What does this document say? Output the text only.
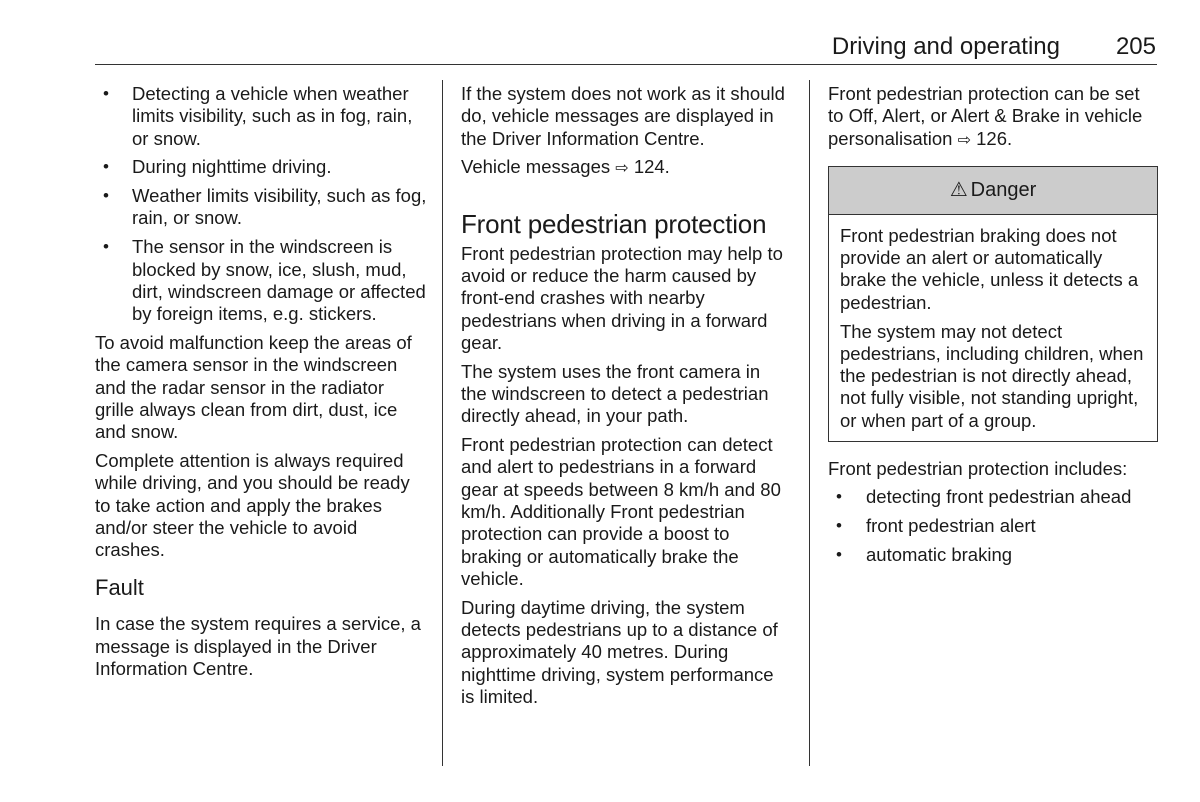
Driving and operating	205
• Detecting a vehicle when weather limits visibility, such as in fog, rain, or snow.
• During nighttime driving.
• Weather limits visibility, such as fog, rain, or snow.
• The sensor in the windscreen is blocked by snow, ice, slush, mud, dirt, windscreen damage or affected by foreign items, e.g. stickers.

To avoid malfunction keep the areas of the camera sensor in the windscreen and the radar sensor in the radiator grille always clean from dirt, dust, ice and snow.

Complete attention is always required while driving, and you should be ready to take action and apply the brakes and/or steer the vehicle to avoid crashes.

Fault

In case the system requires a service, a message is displayed in the Driver Information Centre.

If the system does not work as it should do, vehicle messages are displayed in the Driver Information Centre.

Vehicle messages ⇨ 124.

Front pedestrian protection

Front pedestrian protection may help to avoid or reduce the harm caused by front-end crashes with nearby pedestrians when driving in a forward gear.

The system uses the front camera in the windscreen to detect a pedestrian directly ahead, in your path.

Front pedestrian protection can detect and alert to pedestrians in a forward gear at speeds between 8 km/h and 80 km/h. Additionally Front pedestrian protection can provide a boost to braking or automatically brake the vehicle.

During daytime driving, the system detects pedestrians up to a distance of approximately 40 metres. During nighttime driving, system performance is limited.

Front pedestrian protection can be set to Off, Alert, or Alert & Brake in vehicle personalisation ⇨ 126.

⚠ Danger

Front pedestrian braking does not provide an alert or automatically brake the vehicle, unless it detects a pedestrian.

The system may not detect pedestrians, including children, when the pedestrian is not directly ahead, not fully visible, not standing upright, or when part of a group.

Front pedestrian protection includes:

• detecting front pedestrian ahead
• front pedestrian alert
• automatic braking
